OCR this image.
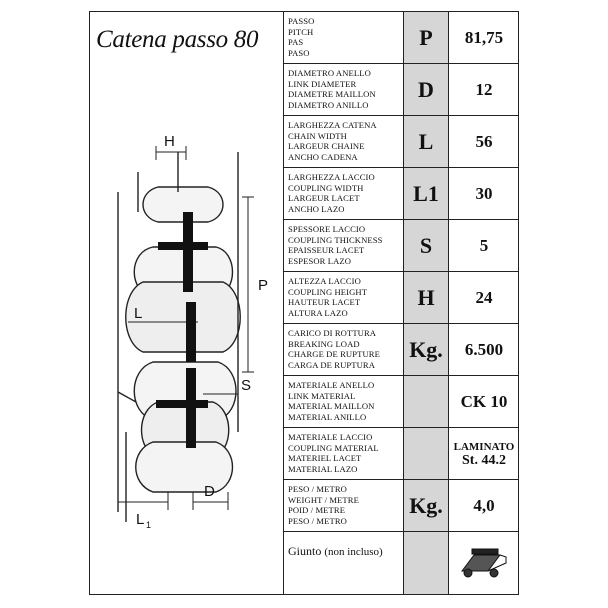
Catena passo 80
H
P
L
S
L 1
D
PASSO
PITCH
PAS
PASO
P	81,75
DIAMETRO ANELLO
LINK DIAMETER
DIAMETRE MAILLON
DIAMETRO ANILLO
D	12
LARGHEZZA CATENA
CHAIN WIDTH
LARGEUR CHAINE
ANCHO CADENA
L	56
LARGHEZZA LACCIO
COUPLING WIDTH
LARGEUR LACET
ANCHO LAZO
L1	30
SPESSORE LACCIO
COUPLING THICKNESS
EPAISSEUR LACET
ESPESOR LAZO
S	5
ALTEZZA LACCIO
COUPLING HEIGHT
HAUTEUR LACET
ALTURA LAZO
H	24
CARICO DI ROTTURA
BREAKING LOAD
CHARGE DE RUPTURE
CARGA DE RUPTURA
Kg.	6.500
MATERIALE ANELLO
LINK MATERIAL
MATERIAL MAILLON
MATERIAL ANILLO
CK 10
MATERIALE LACCIO
COUPLING MATERIAL
MATERIEL LACET
MATERIAL LAZO
LAMINATO
St. 44.2
PESO / METRO
WEIGHT / METRE
POID / METRE
PESO / METRO
Kg.	4,0
Giunto (non incluso)
